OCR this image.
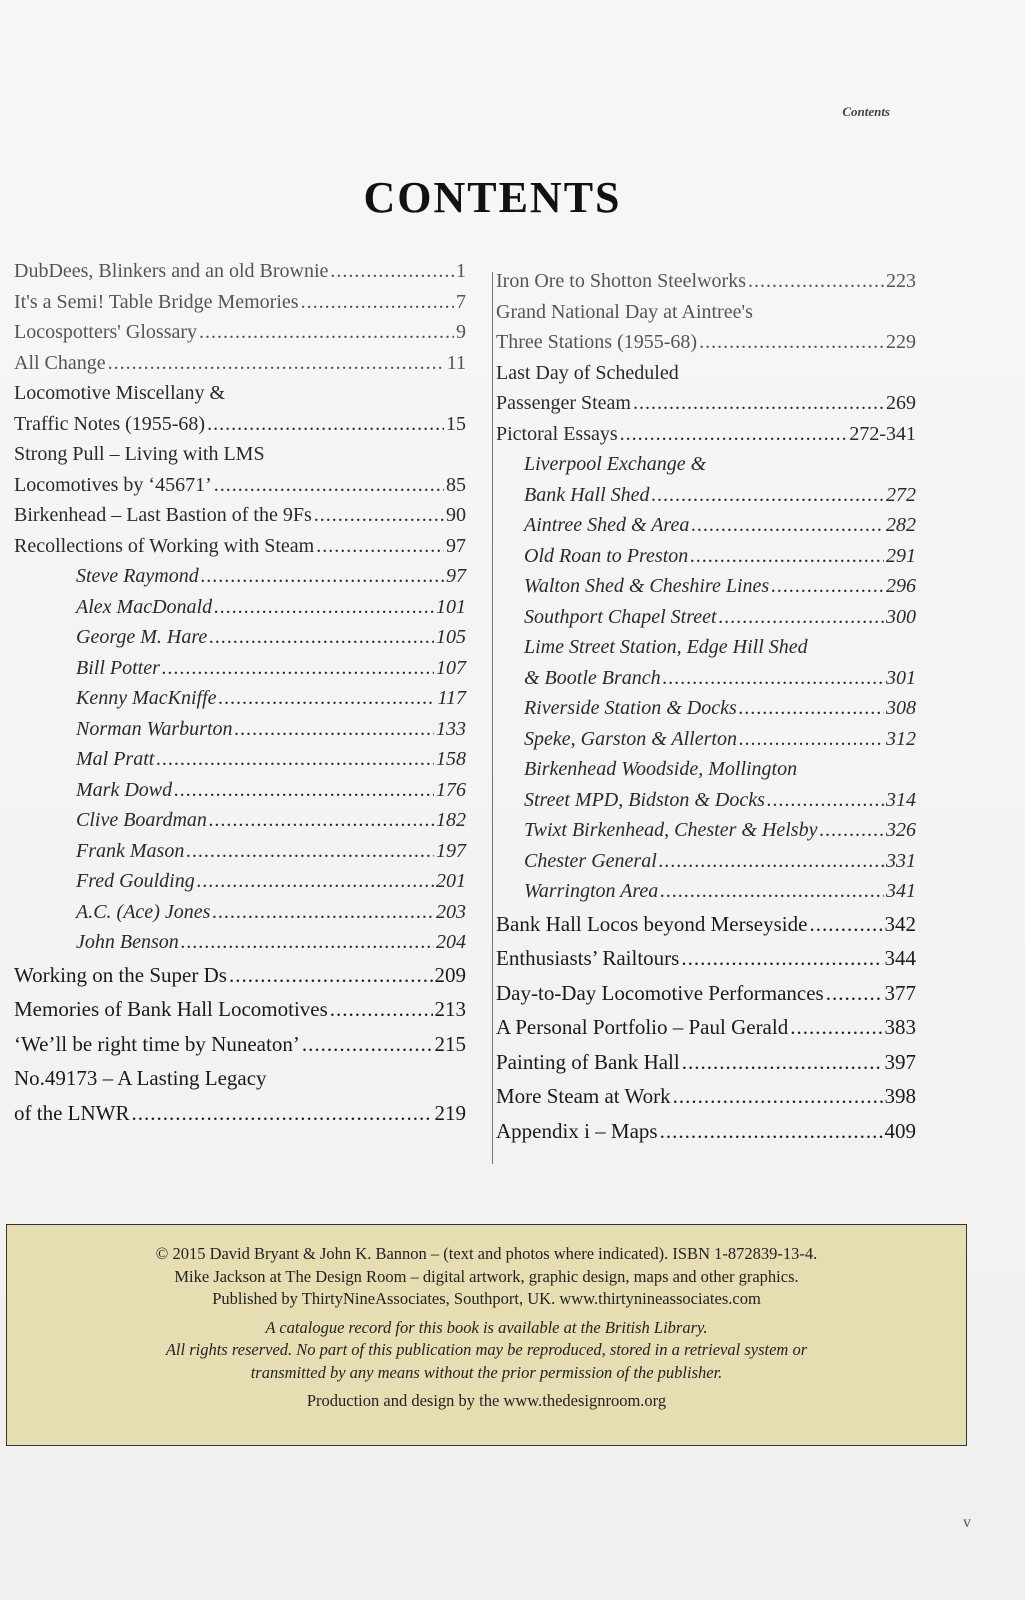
Contents
CONTENTS
DubDees, Blinkers and an old Brownie .....	1
It's a Semi! Table Bridge Memories .....	7
Locospotters' Glossary .....	9
All Change .....	11
Locomotive Miscellany &
Traffic Notes (1955-68) .....	15
Strong Pull – Living with LMS
Locomotives by ‘45671’ .....	85
Birkenhead – Last Bastion of the 9Fs .....	90
Recollections of Working with Steam .....	97
Steve Raymond .....	97
Alex MacDonald .....	101
George M. Hare .....	105
Bill Potter .....	107
Kenny MacKniffe .....	117
Norman Warburton .....	133
Mal Pratt .....	158
Mark Dowd .....	176
Clive Boardman .....	182
Frank Mason .....	197
Fred Goulding .....	201
A.C. (Ace) Jones .....	203
John Benson .....	204
Working on the Super Ds .....	209
Memories of Bank Hall Locomotives .....	213
‘We’ll be right time by Nuneaton’ .....	215
No.49173 – A Lasting Legacy
of the LNWR .....	219
Iron Ore to Shotton Steelworks .....	223
Grand National Day at Aintree's
Three Stations (1955-68) .....	229
Last Day of Scheduled
Passenger Steam .....	269
Pictoral Essays .....	272-341
Liverpool Exchange &
Bank Hall Shed .....	272
Aintree Shed & Area .....	282
Old Roan to Preston .....	291
Walton Shed & Cheshire Lines .....	296
Southport Chapel Street .....	300
Lime Street Station, Edge Hill Shed
& Bootle Branch .....	301
Riverside Station & Docks .....	308
Speke, Garston & Allerton .....	312
Birkenhead Woodside, Mollington
Street MPD, Bidston & Docks .....	314
Twixt Birkenhead, Chester & Helsby .....	326
Chester General .....	331
Warrington Area .....	341
Bank Hall Locos beyond Merseyside .....	342
Enthusiasts’ Railtours .....	344
Day-to-Day Locomotive Performances .....	377
A Personal Portfolio – Paul Gerald .....	383
Painting of Bank Hall .....	397
More Steam at Work .....	398
Appendix i – Maps .....	409
© 2015 David Bryant & John K. Bannon – (text and photos where indicated). ISBN 1-872839-13-4.
Mike Jackson at The Design Room – digital artwork, graphic design, maps and other graphics.
Published by ThirtyNineAssociates, Southport, UK. www.thirtynineassociates.com
A catalogue record for this book is available at the British Library.
All rights reserved. No part of this publication may be reproduced, stored in a retrieval system or
transmitted by any means without the prior permission of the publisher.
Production and design by the www.thedesignroom.org
v
